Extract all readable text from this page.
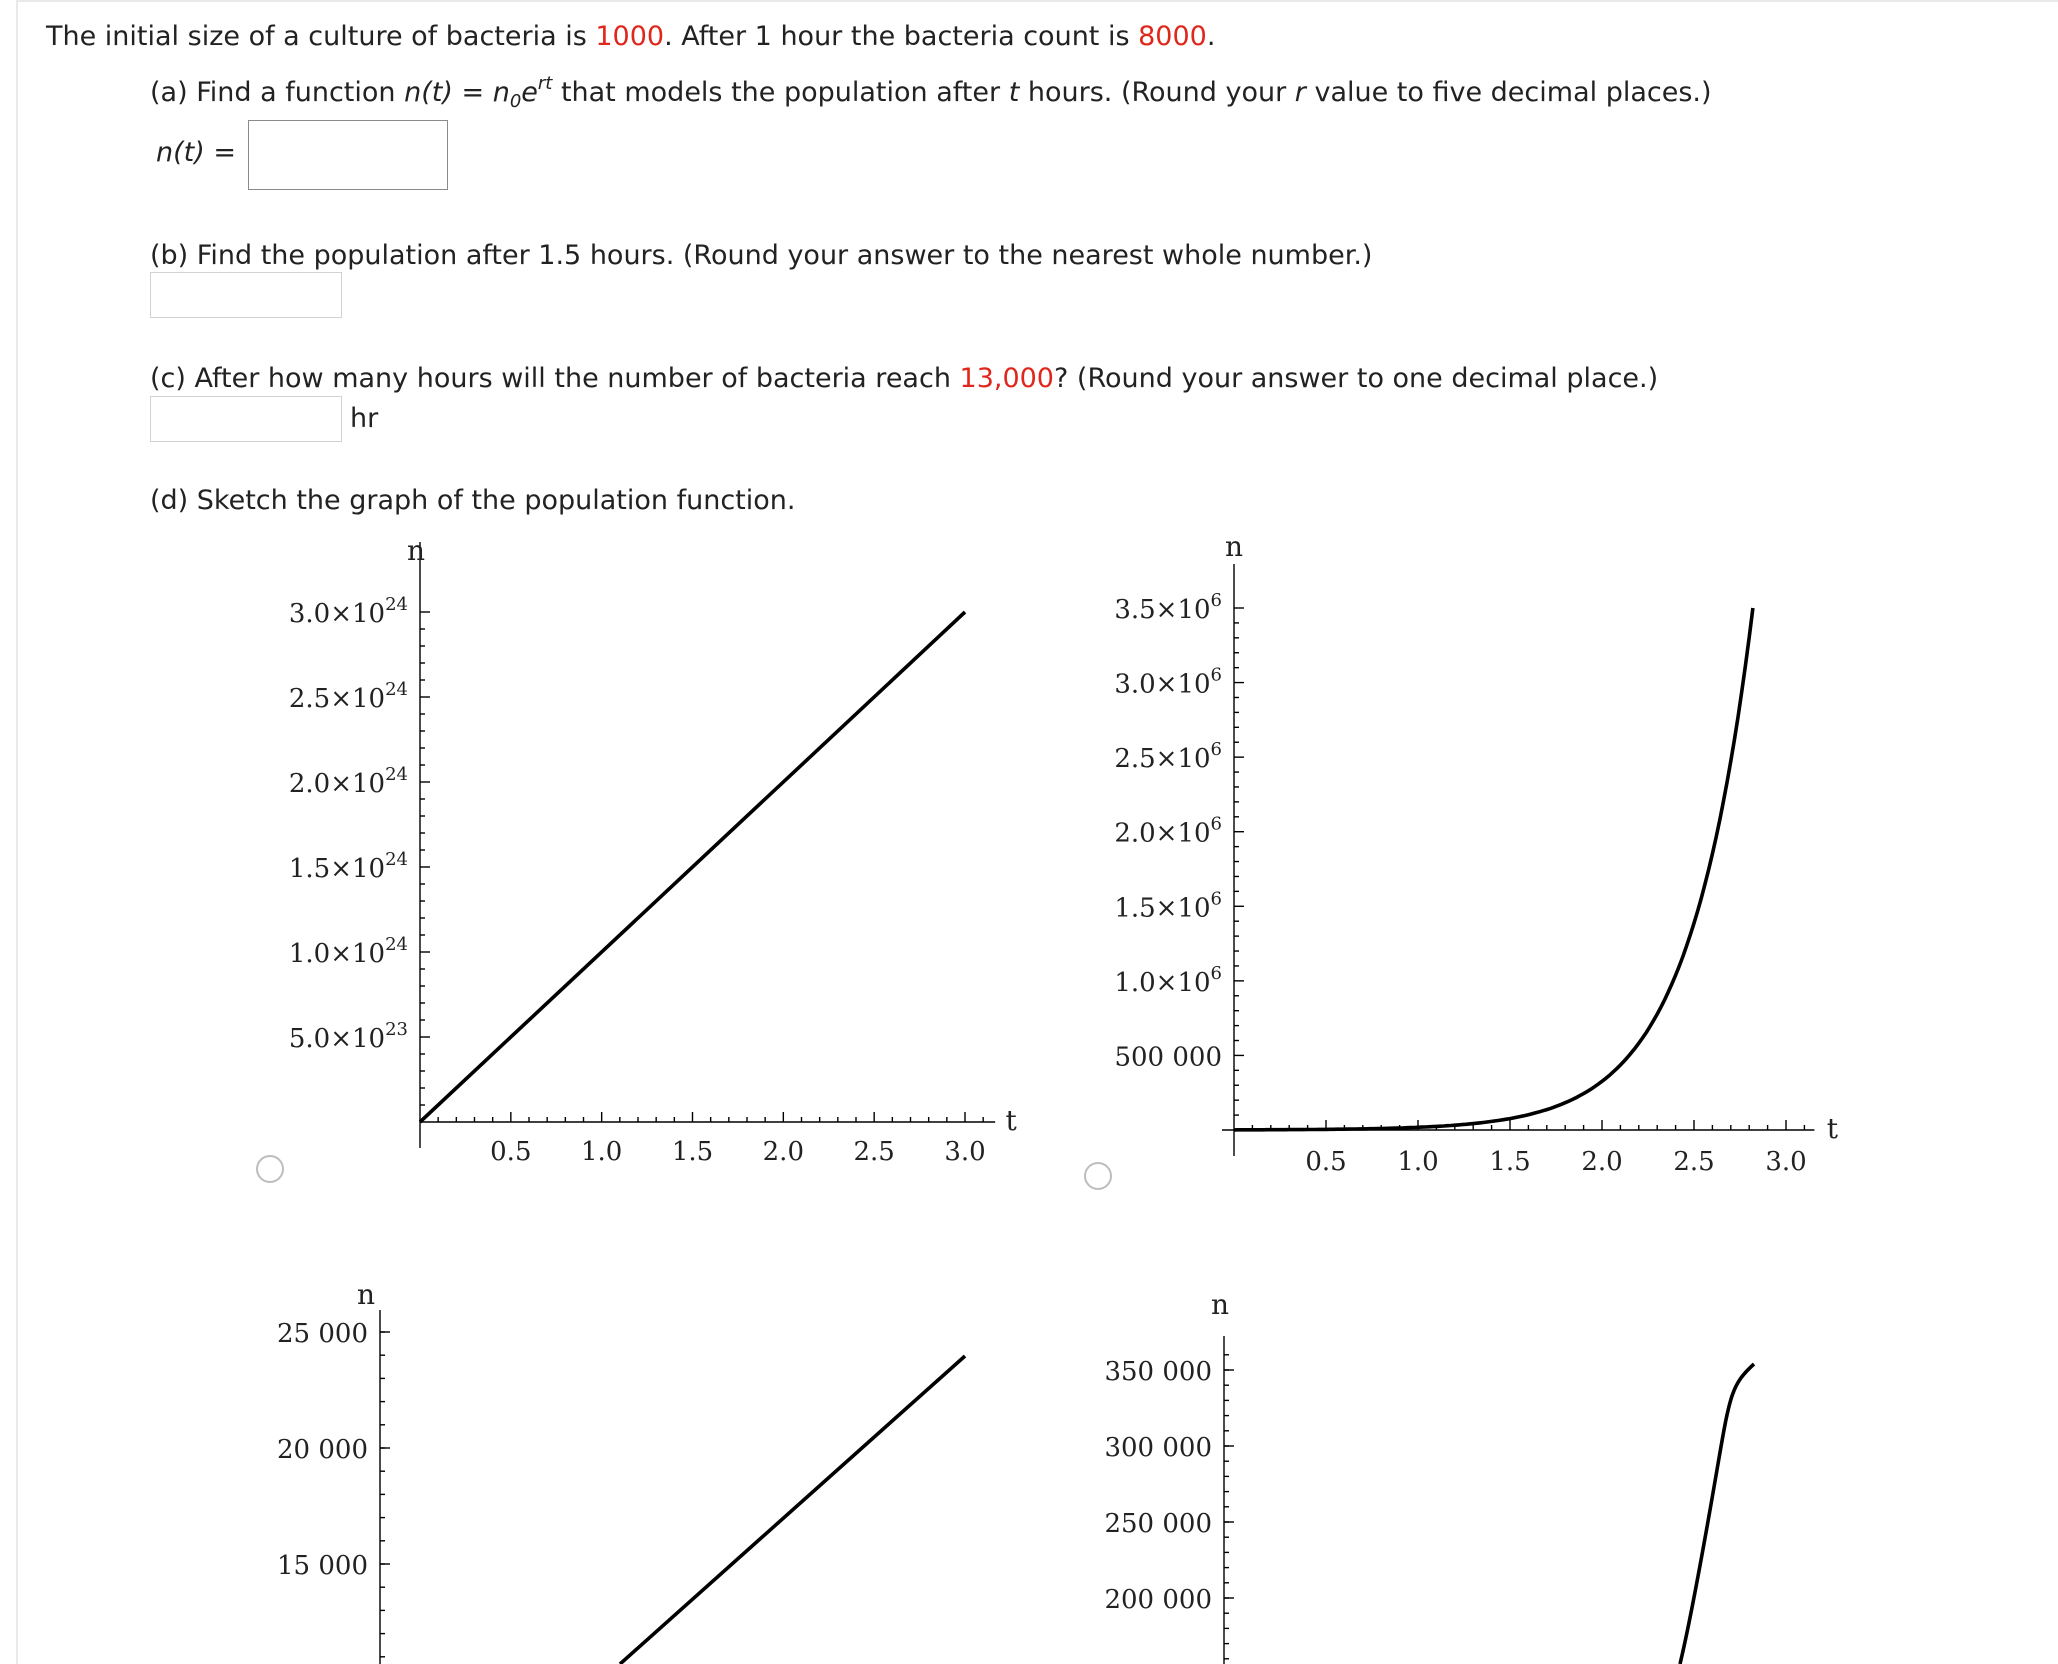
The initial size of a culture of bacteria is 1000. After 1 hour the bacteria count is 8000.
(a) Find a function $n(t) = n_0e^{rt}$ that models the population after t hours. (Round your r value to five decimal places.)
n(t) =
(b) Find the population after 1.5 hours. (Round your answer to the nearest whole number.)
(c) After how many hours will the number of bacteria reach 13,000? (Round your answer to one decimal place.)
hr
(d) Sketch the graph of the population function.
n
t
0.5 1.0 1.5 2.0 2.5 3.0
$5.0\times 10^{23}$
$1.0\times 10^{24}$
$1.5\times 10^{24}$
$2.0\times 10^{24}$
$2.5\times 10^{24}$
$3.0\times 10^{24}$
n
t
0.5 1.0 1.5 2.0 2.5 3.0
500 000
$1.0\times 10^6$
$1.5\times 10^6$
$2.0\times 10^6$
$2.5\times 10^6$
$3.0\times 10^6$
$3.5\times 10^6$
n
15 000
20 000
25 000
n
200 000
250 000
300 000
350 000
